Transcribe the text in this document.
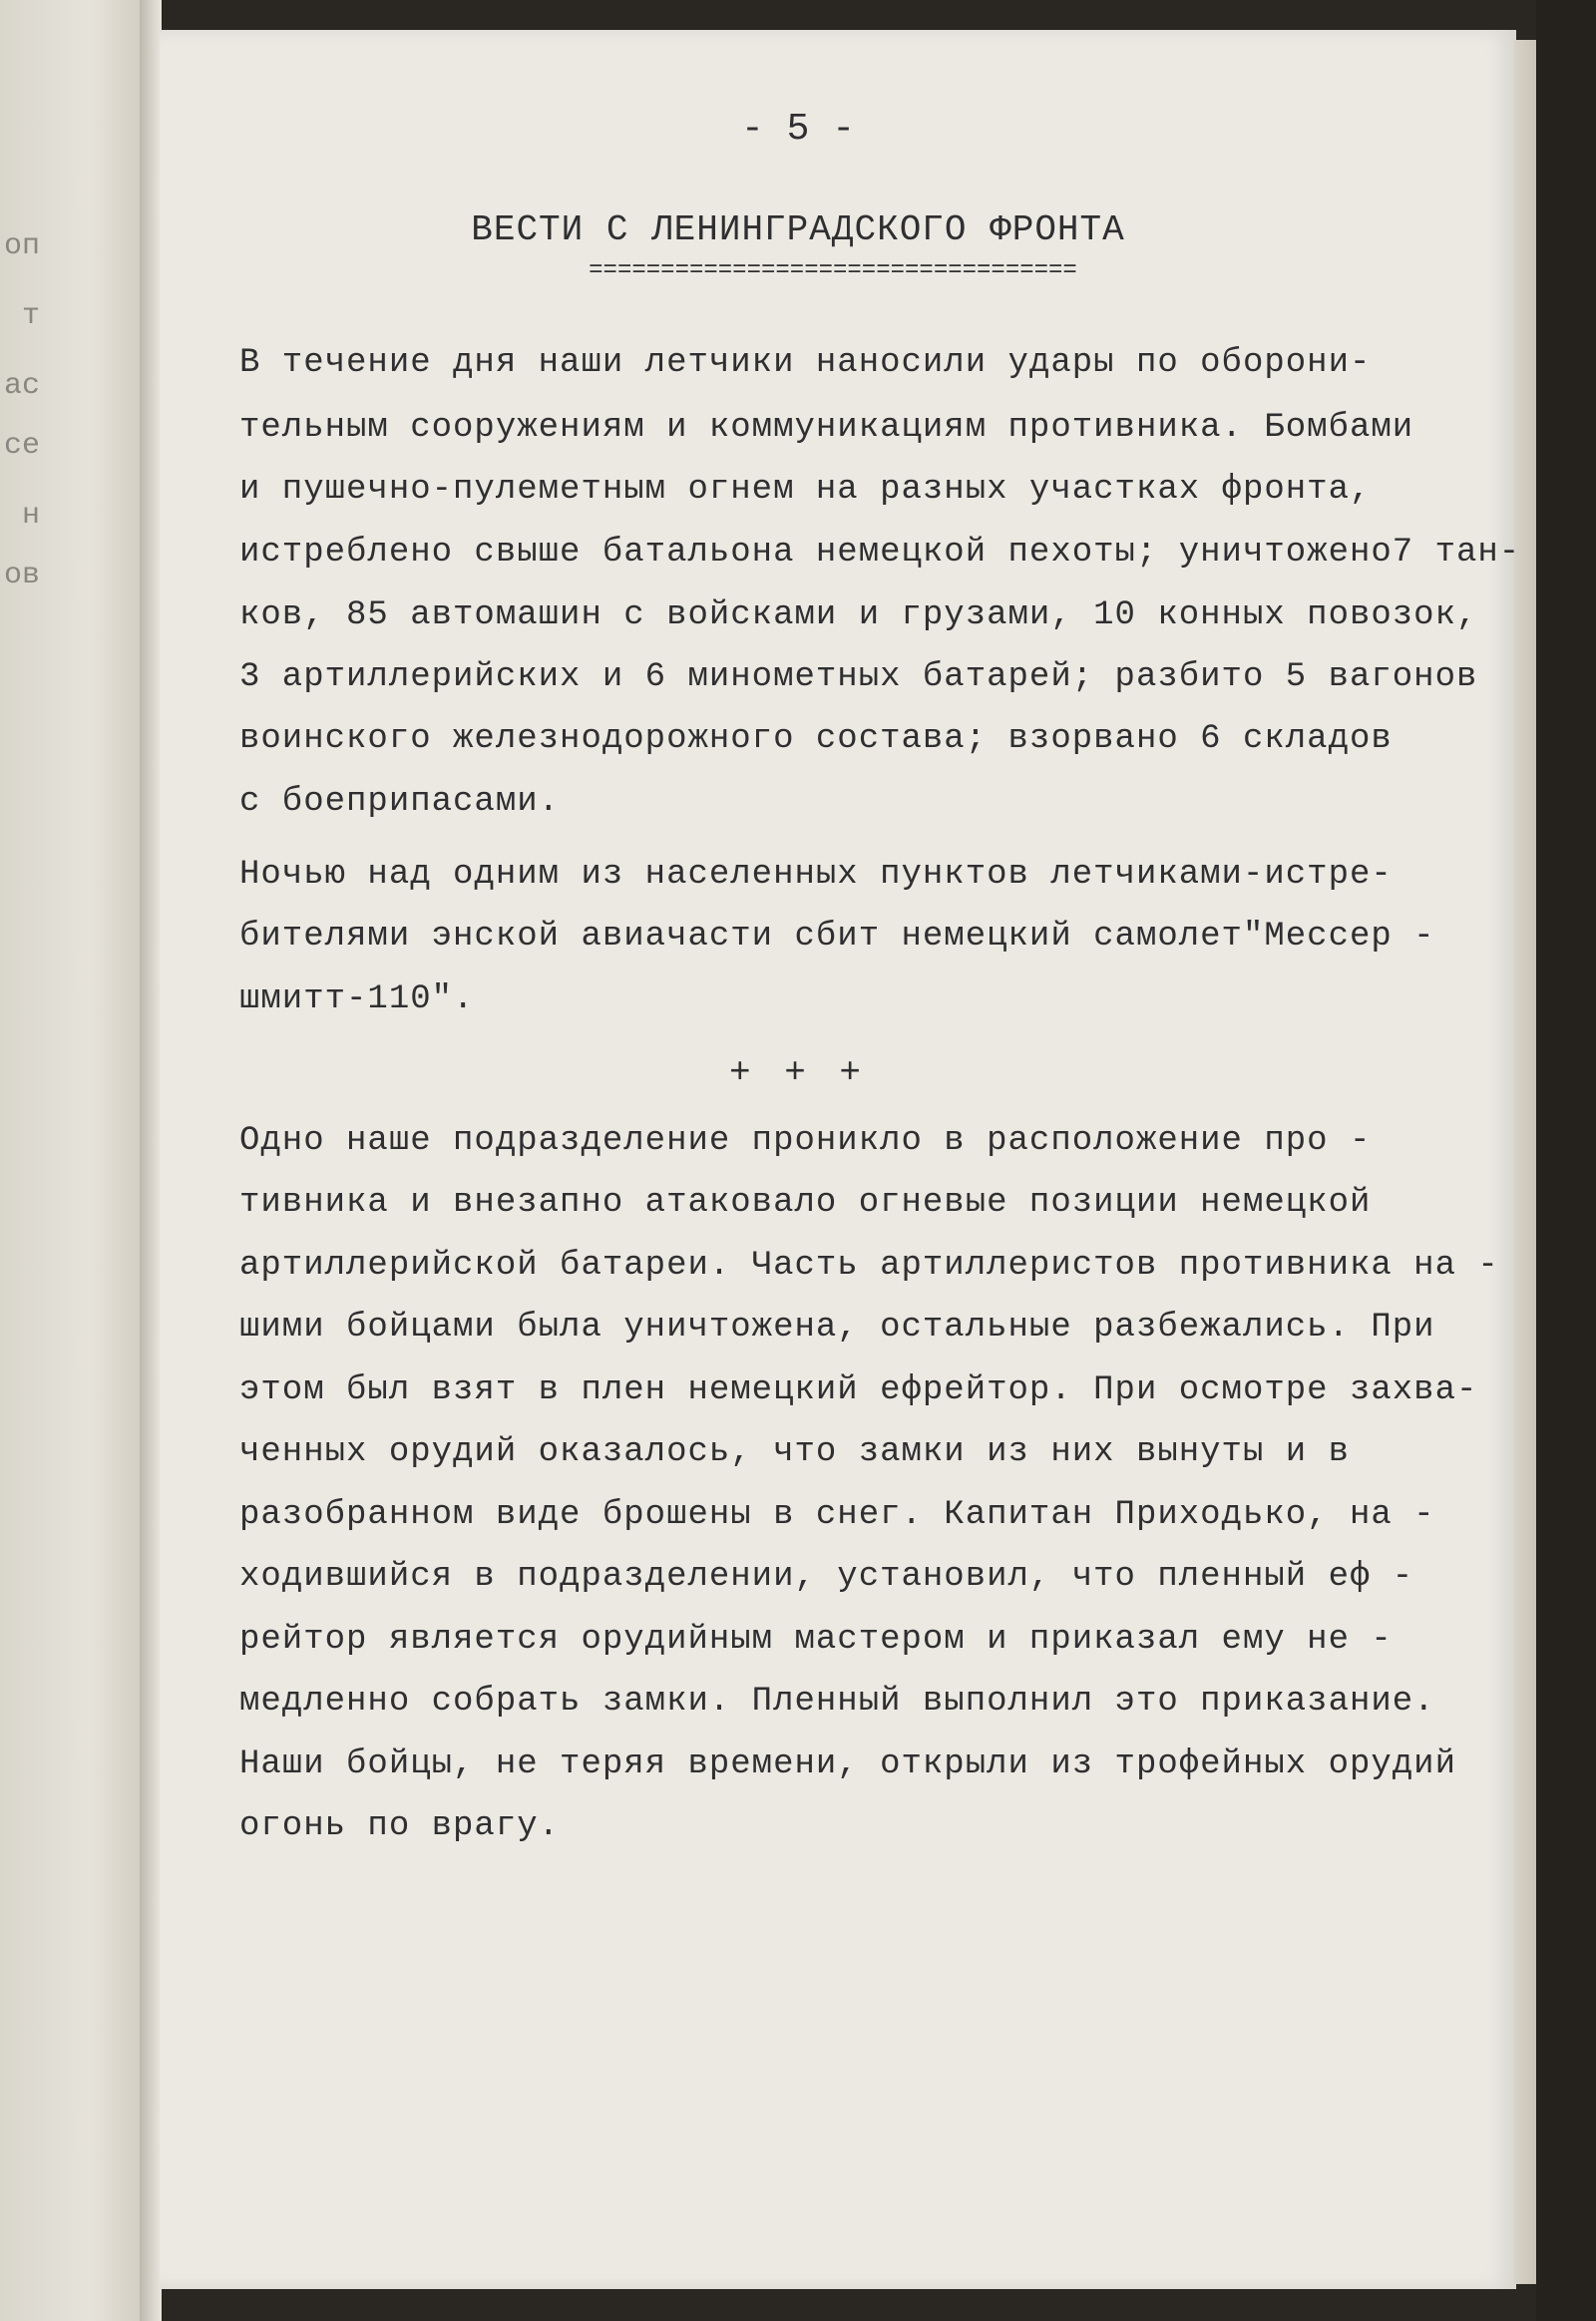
оп
т
ас
се
н
ов
- 5 -
ВЕСТИ С ЛЕНИНГРАДСКОГО ФРОНТА
==================================
В течение дня наши летчики наносили удары по оборони-
тельным сооружениям и коммуникациям противника. Бомбами
и пушечно-пулеметным огнем на разных участках фронта,
истреблено свыше батальона немецкой пехоты; уничтожено7 тан-
ков, 85 автомашин с войсками и грузами, 10 конных повозок,
3 артиллерийских и 6 минометных батарей; разбито 5 вагонов
воинского железнодорожного состава; взорвано 6 складов
с боеприпасами.
Ночью над одним из населенных пунктов летчиками-истре-
бителями энской авиачасти сбит немецкий самолет"Мессер -
шмитт-110".
+ + +
Одно наше подразделение проникло в расположение про -
тивника и внезапно атаковало огневые позиции немецкой
артиллерийской батареи. Часть артиллеристов противника на -
шими бойцами была уничтожена, остальные разбежались. При
этом был взят в плен немецкий ефрейтор. При осмотре захва-
ченных орудий оказалось, что замки из них вынуты и в
разобранном виде брошены в снег. Капитан Приходько, на -
ходившийся в подразделении, установил, что пленный еф -
рейтор является орудийным мастером и приказал ему не -
медленно собрать замки. Пленный выполнил это приказание.
Наши бойцы, не теряя времени, открыли из трофейных орудий
огонь по врагу.
